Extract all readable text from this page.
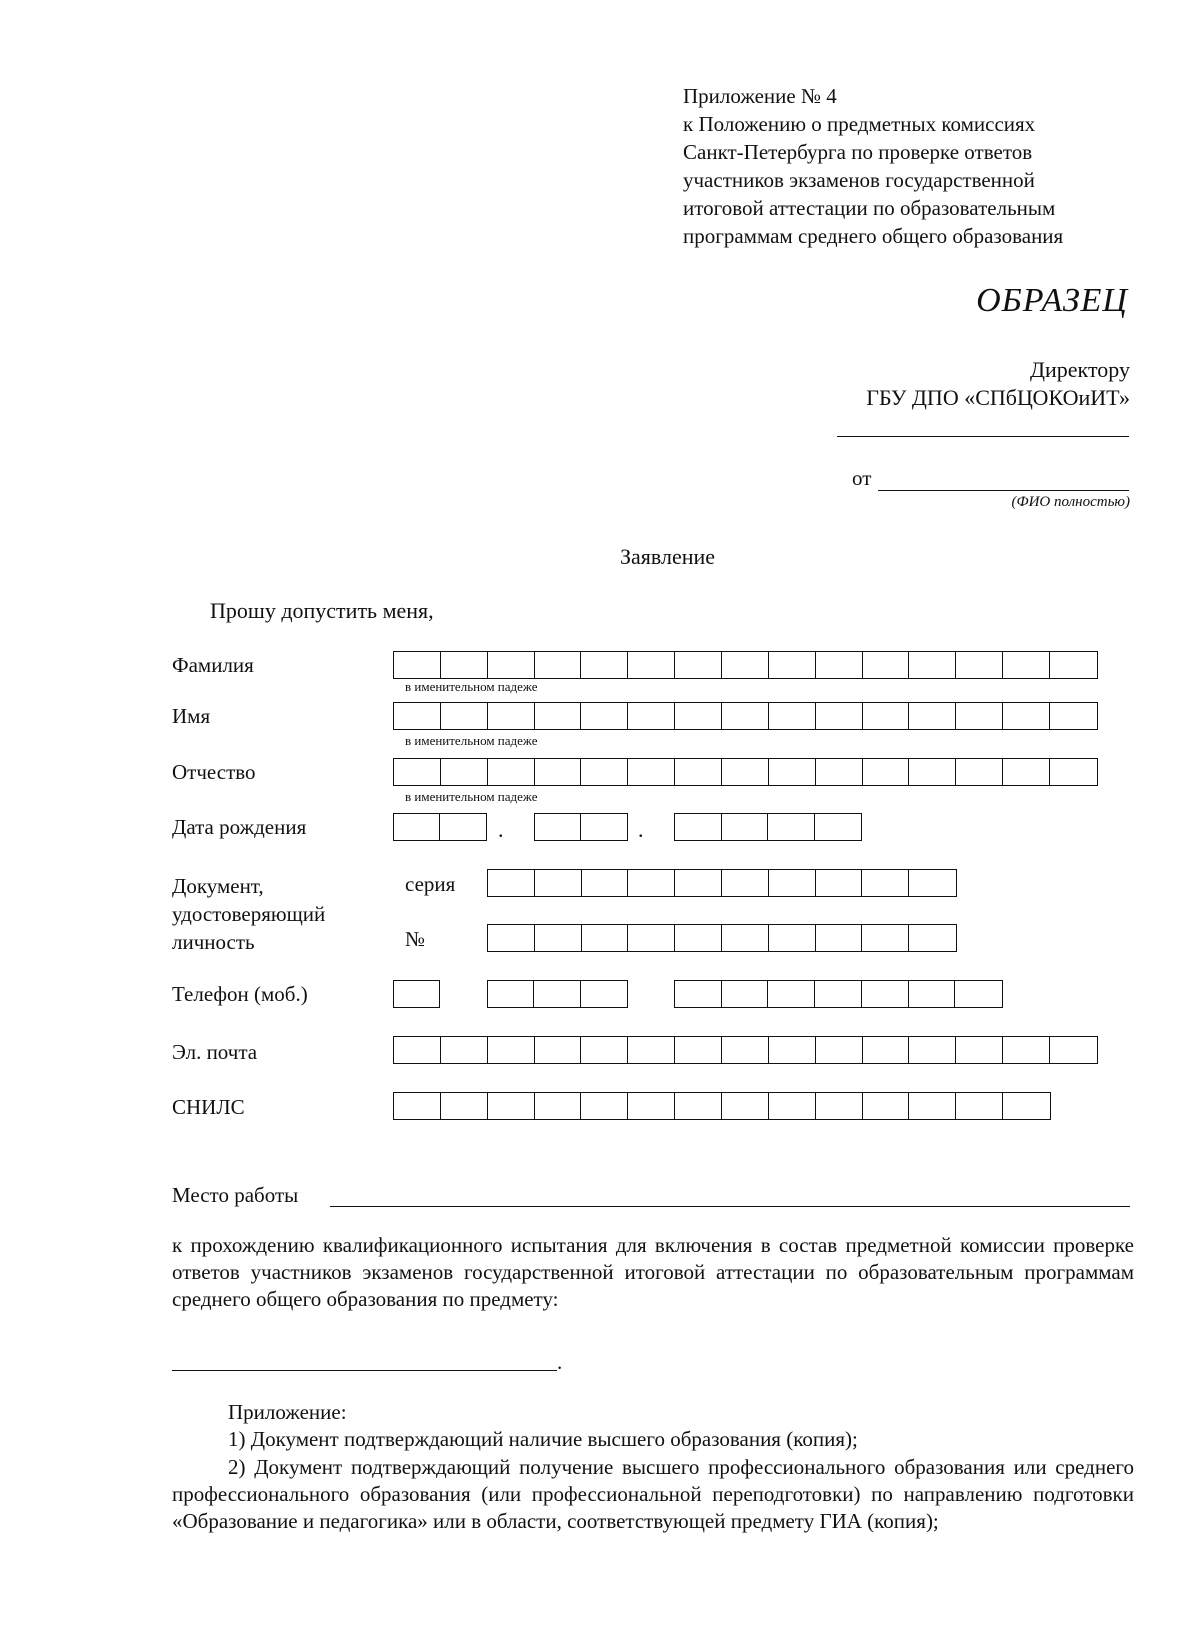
Приложение № 4
к Положению о предметных комиссиях
Санкт-Петербурга по проверке ответов
участников экзаменов государственной
итоговой аттестации по образовательным
программам среднего общего образования
ОБРАЗЕЦ
Директору
ГБУ ДПО «СПбЦОКОиИТ»
от
(ФИО полностью)
Заявление
Прошу допустить меня,
Фамилия
в именительном падеже
Имя
в именительном падеже
Отчество
в именительном падеже
Дата рождения	.	.
Документ,
удостоверяющий
личность
серия
№
Телефон (моб.)
Эл. почта
СНИЛС
Место работы
к прохождению квалификационного испытания для включения в состав предметной комиссии проверке ответов участников экзаменов государственной итоговой аттестации по образовательным программам среднего общего образования по предмету:
.
Приложение:
1) Документ подтверждающий наличие высшего образования (копия);
2) Документ подтверждающий получение высшего профессионального образования или среднего профессионального образования (или профессиональной переподготовки) по направлению подготовки «Образование и педагогика» или в области, соответствующей предмету ГИА (копия);
